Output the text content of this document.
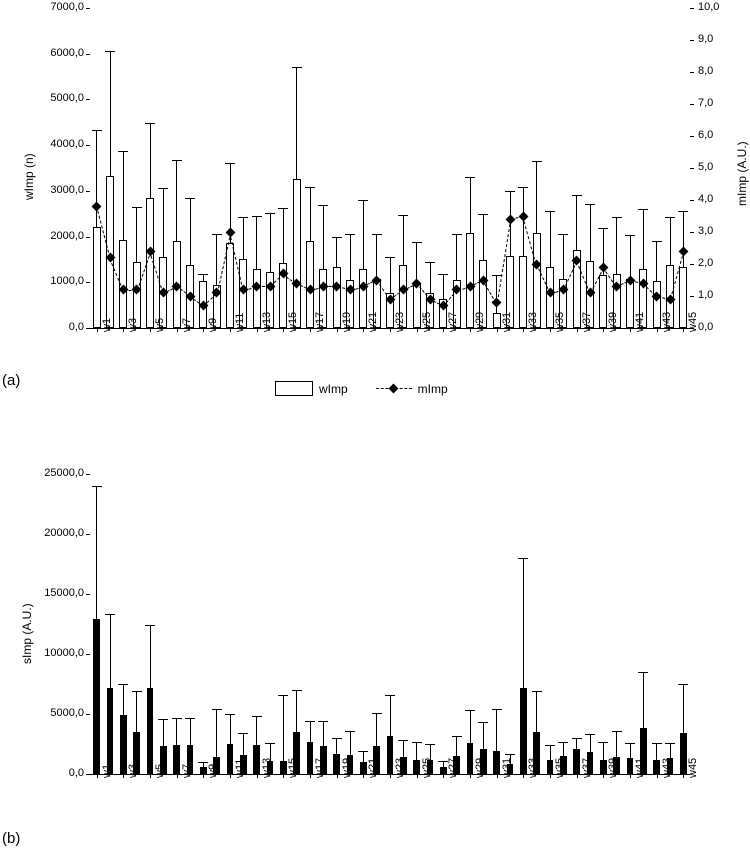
wImp (n)	mImp (A.U.)
(a)	wImp	mImp
0,0
1000,0
2000,0
3000,0
4000,0
5000,0
6000,0
7000,0
0,0
1,0
2,0
3,0
4,0
5,0
6,0
7,0
8,0
9,0
10,0
w1 w3 w5 w7 w9 w11 w13 w15 w17 w19 w21 w23 w25 w27 w29 w31 w33 w35 w37 w39 w41 w43 w45
sImp (A.U.)
(b)
0,0
5000,0
10000,0
15000,0
20000,0
25000,0
w1 w3 w5 w7 w9 w11 w13 w15 w17 w19 w21 w23 w25 w27 w29 w31 w33 w35 w37 w39 w41 w43 w45
